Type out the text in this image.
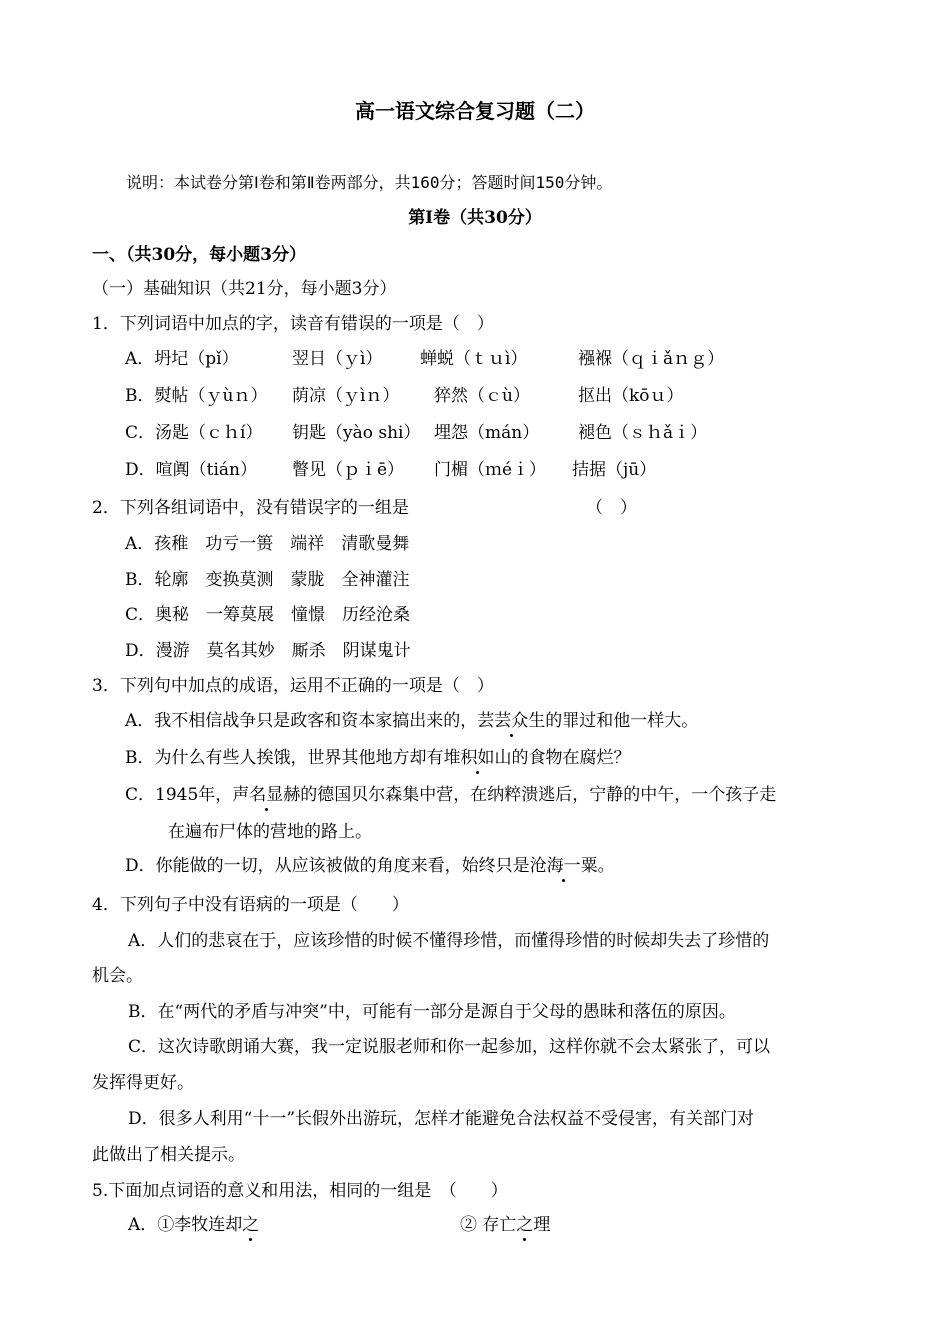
高一语文综合复习题（二）
说明：本试卷分第Ⅰ卷和第Ⅱ卷两部分，共160分；答题时间150分钟。
第Ⅰ卷（共30分）
一、（共30分，每小题3分）
（一）基础知识（共21分，每小题3分）
1．下列词语中加点的字，读音有错误的一项是（　）
A．坍圮（pǐ）	翌日（ｙì） 蝉蜕（ｔｕì）	襁褓（ｑｉǎｎｇ）
B．熨帖（ｙùｎ） 荫凉（ｙìｎ） 猝然（ｃù）	抠出（kōｕ）
C．汤匙（ｃｈí） 钥匙（yào shi） 埋怨（mán） 褪色（ｓｈǎｉ）
D．喧阗（tián） 瞥见（ｐｉē） 门楣（ｍéｉ） 拮据（jū）
2．下列各组词语中，没有错误字的一组是	（　）
A．孩稚　功亏一篑　端祥　清歌曼舞
B．轮廓　变换莫测　蒙胧　全神灌注
C．奥秘　一筹莫展　憧憬　历经沧桑
D．漫游　莫名其妙　厮杀　阴谋鬼计
3．下列句中加点的成语，运用不正确的一项是（　）
A．我不相信战争只是政客和资本家搞出来的，芸芸众生的罪过和他一样大。
B．为什么有些人挨饿，世界其他地方却有堆积如山的食物在腐烂？
C．1945年，声名显赫的德国贝尔森集中营，在纳粹溃逃后，宁静的中午，一个孩子走
在遍布尸体的营地的路上。
D．你能做的一切，从应该被做的角度来看，始终只是沧海一粟。
4．下列句子中没有语病的一项是（　　）
A．人们的悲哀在于，应该珍惜的时候不懂得珍惜，而懂得珍惜的时候却失去了珍惜的
机会。
B．在“两代的矛盾与冲突”中，可能有一部分是源自于父母的愚昧和落伍的原因。
C．这次诗歌朗诵大赛，我一定说服老师和你一起参加，这样你就不会太紧张了，可以
发挥得更好。
D．很多人利用“十一”长假外出游玩，怎样才能避免合法权益不受侵害，有关部门对
此做出了相关提示。
5.下面加点词语的意义和用法，相同的一组是　（　　）
A．①李牧连却之	② 存亡之理
